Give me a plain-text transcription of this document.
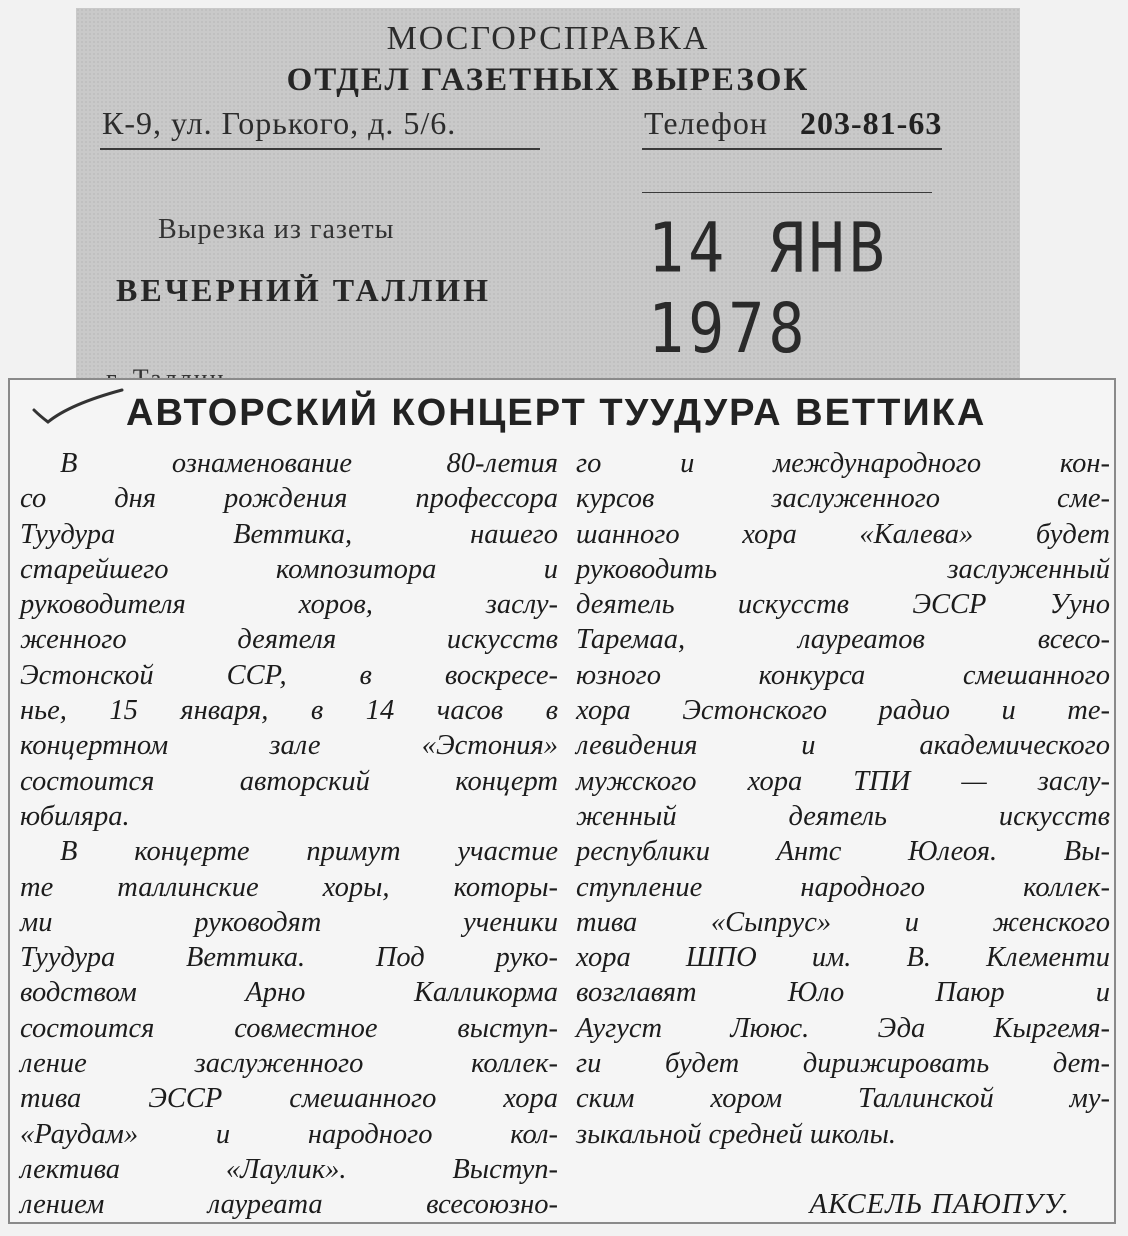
МОСГОРСПРАВКА
ОТДЕЛ ГАЗЕТНЫХ ВЫРЕЗОК
К-9, ул. Горького, д. 5/6.	Телефон 203-81-63
Вырезка из газеты
ВЕЧЕРНИЙ ТАЛЛИН
14 ЯНВ 1978
АВТОРСКИЙ КОНЦЕРТ ТУУДУРА ВЕТТИКА
В ознаменование 80-летия
со дня рождения профессора
Туудура Веттика, нашего
старейшего композитора и
руководителя хоров, заслу-
женного деятеля искусств
Эстонской ССР, в воскресе-
нье, 15 января, в 14 часов в
концертном зале «Эстония»
состоится авторский концерт
юбиляра.
В концерте примут участие
те таллинские хоры, которы-
ми руководят ученики
Туудура Веттика. Под руко-
водством Арно Калликорма
состоится совместное выступ-
ление заслуженного коллек-
тива ЭССР смешанного хора
«Раудам» и народного кол-
лектива «Лаулик». Выступ-
лением лауреата всесоюзно-
го и международного кон-
курсов заслуженного сме-
шанного хора «Калева» будет
руководить заслуженный
деятель искусств ЭССР Ууно
Таремаа, лауреатов всесо-
юзного конкурса смешанного
хора Эстонского радио и те-
левидения и академического
мужского хора ТПИ — заслу-
женный деятель искусств
республики Антс Юлеоя. Вы-
ступление народного коллек-
тива «Сыпрус» и женского
хора ШПО им. В. Клементи
возглавят Юло Паюр и
Аугуст Лююс. Эда Кыргемя-
ги будет дирижировать дет-
ским хором Таллинской му-
зыкальной средней школы.
АКСЕЛЬ ПАЮПУУ.
